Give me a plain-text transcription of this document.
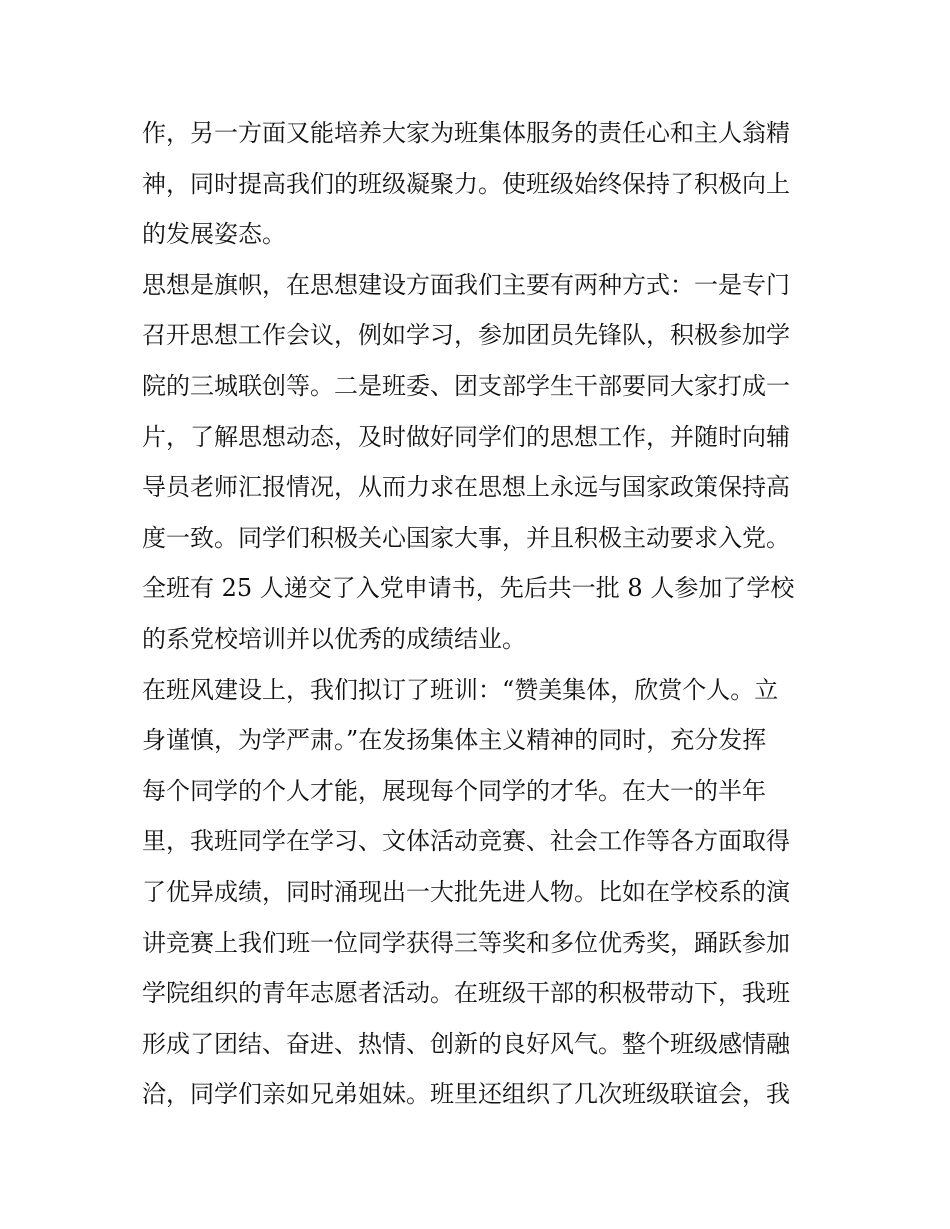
作，另一方面又能培养大家为班集体服务的责任心和主人翁精
神，同时提高我们的班级凝聚力。使班级始终保持了积极向上
的发展姿态。
思想是旗帜，在思想建设方面我们主要有两种方式：一是专门
召开思想工作会议，例如学习，参加团员先锋队，积极参加学
院的三城联创等。二是班委、团支部学生干部要同大家打成一
片，了解思想动态，及时做好同学们的思想工作，并随时向辅
导员老师汇报情况，从而力求在思想上永远与国家政策保持高
度一致。同学们积极关心国家大事，并且积极主动要求入党。
全班有 25 人递交了入党申请书，先后共一批 8 人参加了学校
的系党校培训并以优秀的成绩结业。
在班风建设上，我们拟订了班训：“赞美集体，欣赏个人。立
身谨慎，为学严肃。”在发扬集体主义精神的同时，充分发挥
每个同学的个人才能，展现每个同学的才华。在大一的半年
里，我班同学在学习、文体活动竞赛、社会工作等各方面取得
了优异成绩，同时涌现出一大批先进人物。比如在学校系的演
讲竞赛上我们班一位同学获得三等奖和多位优秀奖，踊跃参加
学院组织的青年志愿者活动。在班级干部的积极带动下，我班
形成了团结、奋进、热情、创新的良好风气。整个班级感情融
洽，同学们亲如兄弟姐妹。班里还组织了几次班级联谊会，我
